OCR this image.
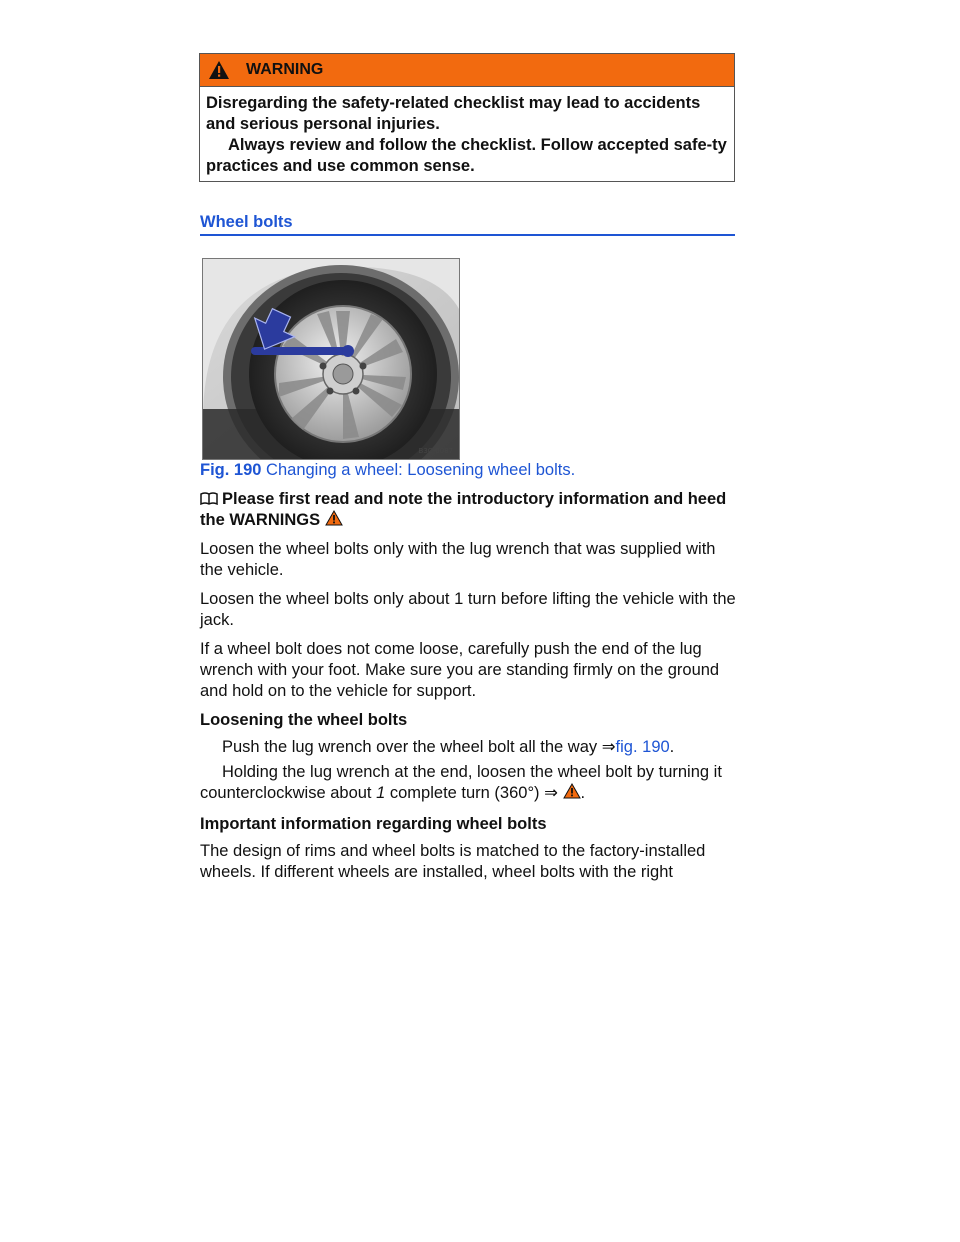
WARNING

Disregarding the safety-related checklist may lead to accidents and serious personal injuries.

Always review and follow the checklist. Follow accepted safe-ty practices and use common sense.

Wheel bolts
B3C-0087
Fig. 190 Changing a wheel: Loosening wheel bolts.
Please first read and note the introductory information and heed the WARNINGS

Loosen the wheel bolts only with the lug wrench that was supplied with the vehicle.

Loosen the wheel bolts only about 1 turn before lifting the vehicle with the jack.

If a wheel bolt does not come loose, carefully push the end of the lug wrench with your foot. Make sure you are standing firmly on the ground and hold on to the vehicle for support.

Loosening the wheel bolts

Push the lug wrench over the wheel bolt all the way ⇒fig. 190.

Holding the lug wrench at the end, loosen the wheel bolt by turning it counterclockwise about 1 complete turn (360°) ⇒ .

Important information regarding wheel bolts

The design of rims and wheel bolts is matched to the factory-installed wheels. If different wheels are installed, wheel bolts with the right
